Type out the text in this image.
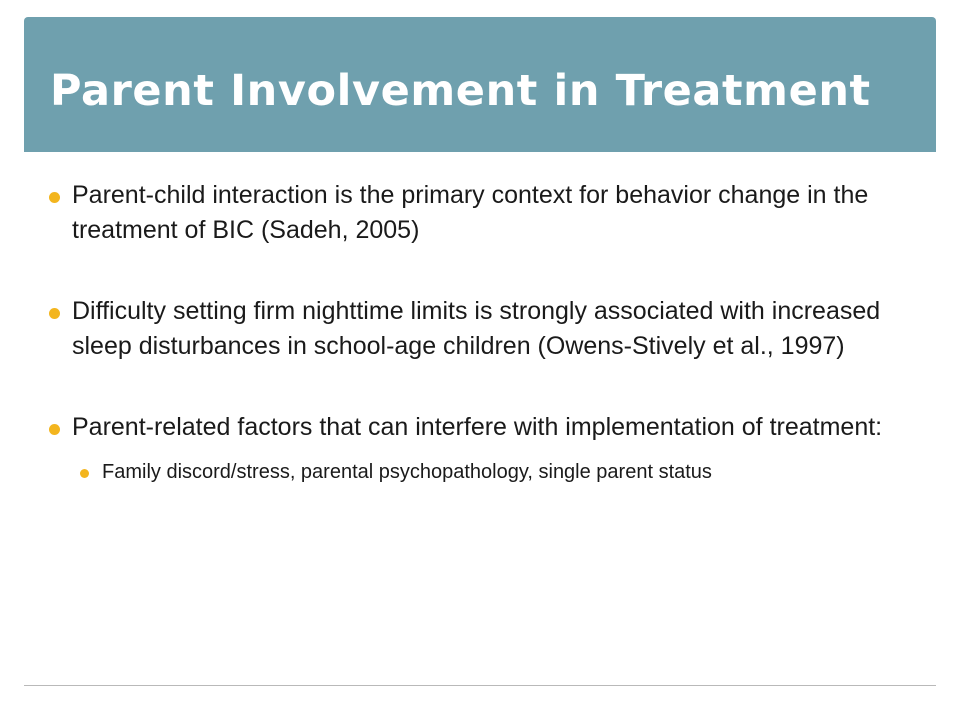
Parent Involvement in Treatment
Parent-child interaction is the primary context for behavior change in the treatment of BIC (Sadeh, 2005)
Difficulty setting firm nighttime limits is strongly associated with increased sleep disturbances in school-age children (Owens-Stively et al., 1997)
Parent-related factors that can interfere with implementation of treatment:
Family discord/stress, parental psychopathology, single parent status
